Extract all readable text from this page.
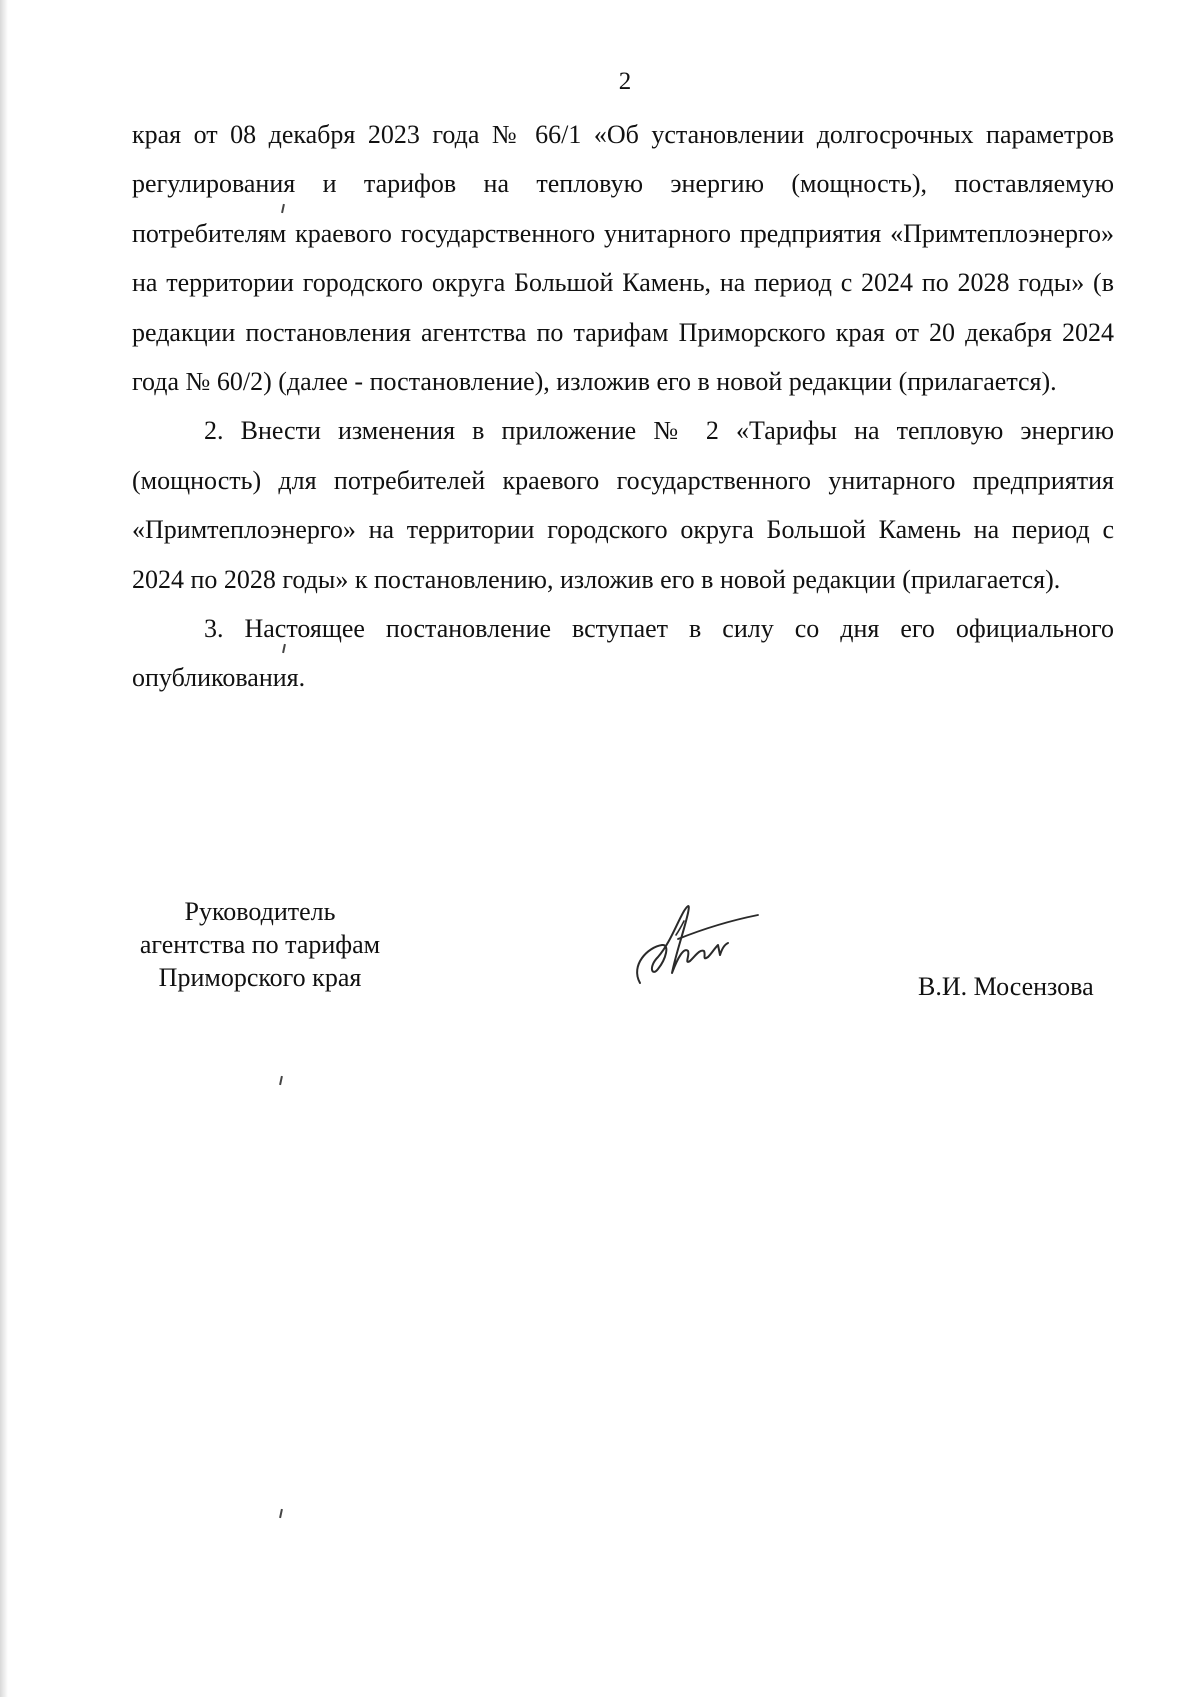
2

края от 08 декабря 2023 года № 66/1 «Об установлении долгосрочных параметров регулирования и тарифов на тепловую энергию (мощность), поставляемую потребителям краевого государственного унитарного предприятия «Примтеплоэнерго» на территории городского округа Большой Камень, на период с 2024 по 2028 годы» (в редакции постановления агентства по тарифам Приморского края от 20 декабря 2024 года № 60/2) (далее - постановление), изложив его в новой редакции (прилагается).

2. Внести изменения в приложение № 2 «Тарифы на тепловую энергию (мощность) для потребителей краевого государственного унитарного предприятия «Примтеплоэнерго» на территории городского округа Большой Камень на период с 2024 по 2028 годы» к постановлению, изложив его в новой редакции (прилагается).

3. Настоящее постановление вступает в силу со дня его официального опубликования.

Руководитель
агентства по тарифам
Приморского края	В.И. Мосензова
